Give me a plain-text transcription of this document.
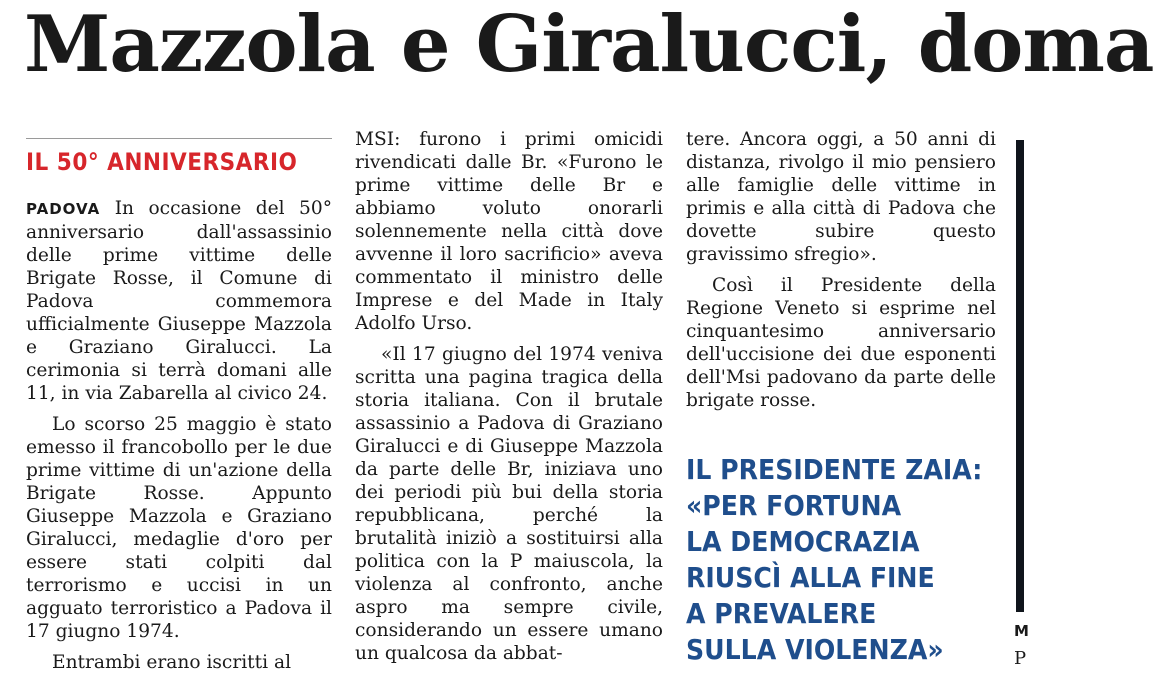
Mazzola e Giralucci, doma
IL 50° ANNIVERSARIO

PADOVA In occasione del 50° anniversario dall'assassinio delle prime vittime delle Brigate Rosse, il Comune di Padova commemora ufficialmente Giuseppe Mazzola e Graziano Giralucci. La cerimonia si terrà domani alle 11, in via Zabarella al civico 24.

Lo scorso 25 maggio è stato emesso il francobollo per le due prime vittime di un'azione della Brigate Rosse. Appunto Giuseppe Mazzola e Graziano Giralucci, medaglie d'oro per essere stati colpiti dal terrorismo e uccisi in un agguato terroristico a Padova il 17 giugno 1974.

Entrambi erano iscritti al

MSI: furono i primi omicidi rivendicati dalle Br. «Furono le prime vittime delle Br e abbiamo voluto onorarli solennemente nella città dove avvenne il loro sacrificio» aveva commentato il ministro delle Imprese e del Made in Italy Adolfo Urso.

«Il 17 giugno del 1974 veniva scritta una pagina tragica della storia italiana. Con il brutale assassinio a Padova di Graziano Giralucci e di Giuseppe Mazzola da parte delle Br, iniziava uno dei periodi più bui della storia repubblicana, perché la brutalità iniziò a sostituirsi alla politica con la P maiuscola, la violenza al confronto, anche aspro ma sempre civile, considerando un essere umano un qualcosa da abbat-

tere. Ancora oggi, a 50 anni di distanza, rivolgo il mio pensiero alle famiglie delle vittime in primis e alla città di Padova che dovette subire questo gravissimo sfregio».

Così il Presidente della Regione Veneto si esprime nel cinquantesimo anniversario dell'uccisione dei due esponenti dell'Msi padovano da parte delle brigate rosse.

IL PRESIDENTE ZAIA:
«PER FORTUNA
LA DEMOCRAZIA
RIUSCÌ ALLA FINE
A PREVALERE
SULLA VIOLENZA»
M
P
